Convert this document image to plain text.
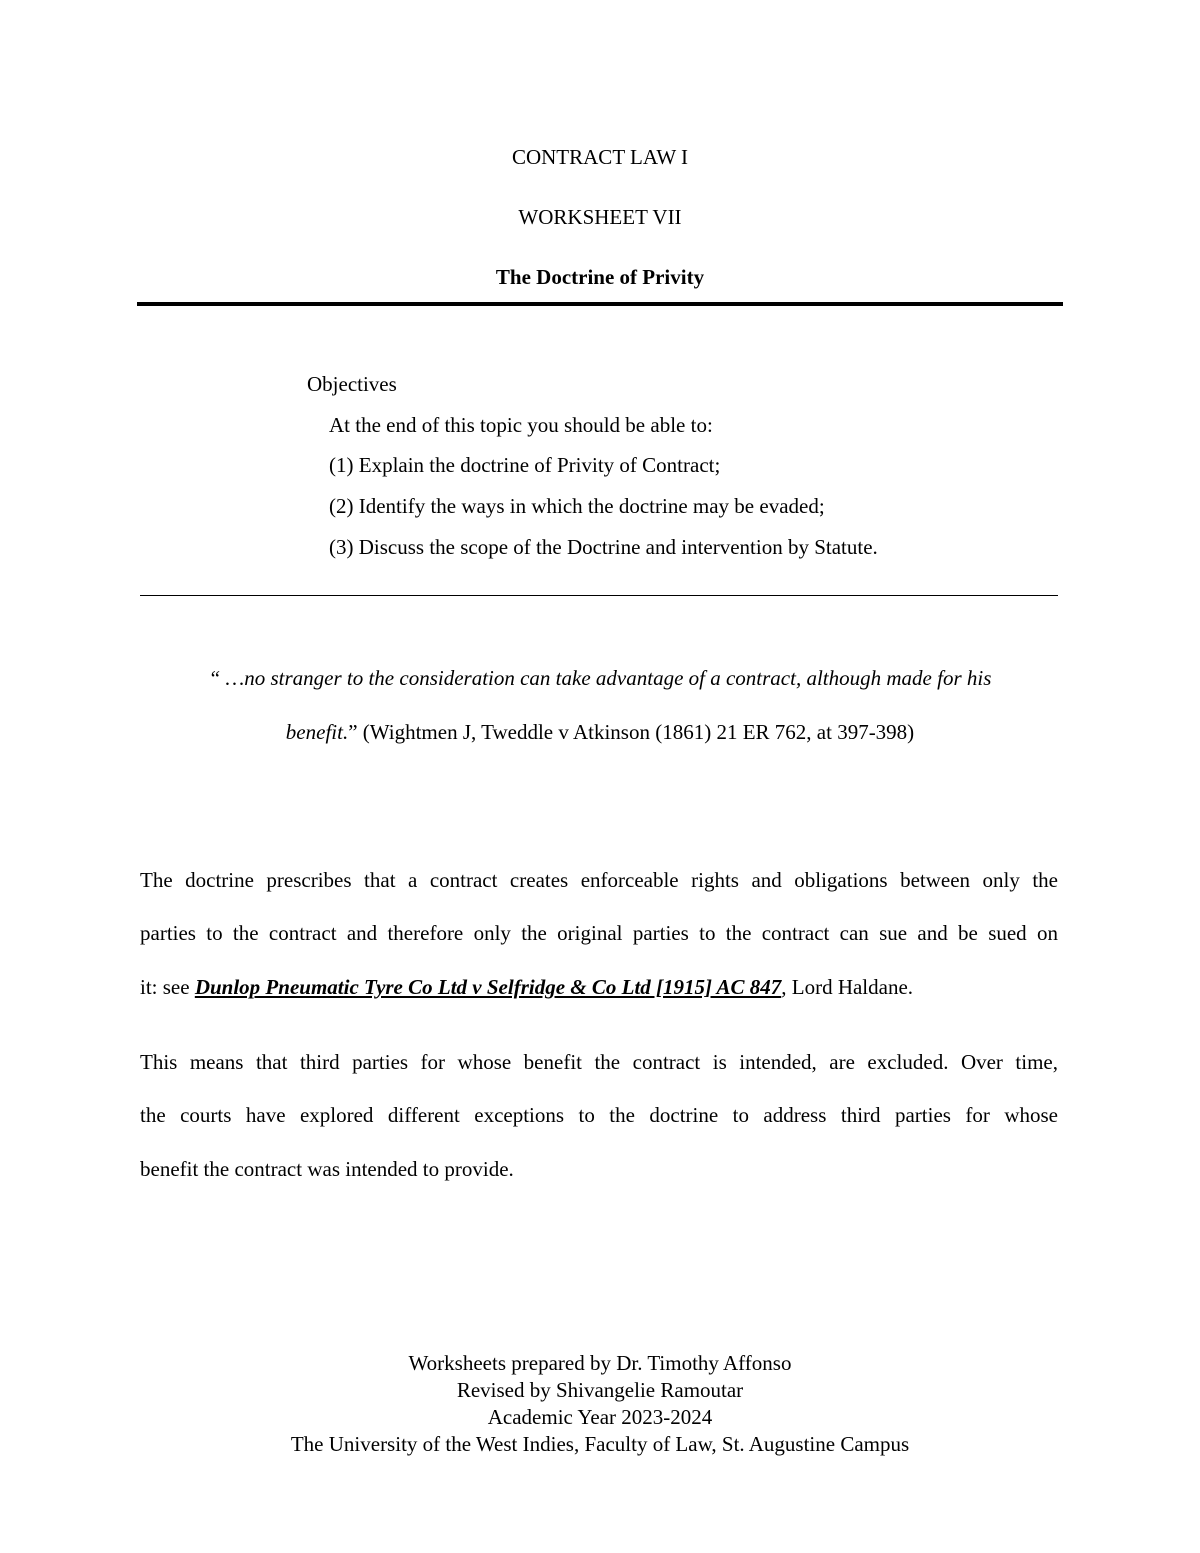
CONTRACT LAW I
WORKSHEET VII
The Doctrine of Privity
Objectives
At the end of this topic you should be able to:
(1) Explain the doctrine of Privity of Contract;
(2) Identify the ways in which the doctrine may be evaded;
(3) Discuss the scope of the Doctrine and intervention by Statute.
“ …no stranger to the consideration can take advantage of a contract, although made for his
benefit.” (Wightmen J, Tweddle v Atkinson (1861) 21 ER 762, at 397-398)
The doctrine prescribes that a contract creates enforceable rights and obligations between only the
parties to the contract and therefore only the original parties to the contract can sue and be sued on
it: see Dunlop Pneumatic Tyre Co Ltd v Selfridge & Co Ltd [1915] AC 847, Lord Haldane.
This means that third parties for whose benefit the contract is intended, are excluded. Over time,
the courts have explored different exceptions to the doctrine to address third parties for whose
benefit the contract was intended to provide.
Worksheets prepared by Dr. Timothy Affonso
Revised by Shivangelie Ramoutar
Academic Year 2023-2024
The University of the West Indies, Faculty of Law, St. Augustine Campus
